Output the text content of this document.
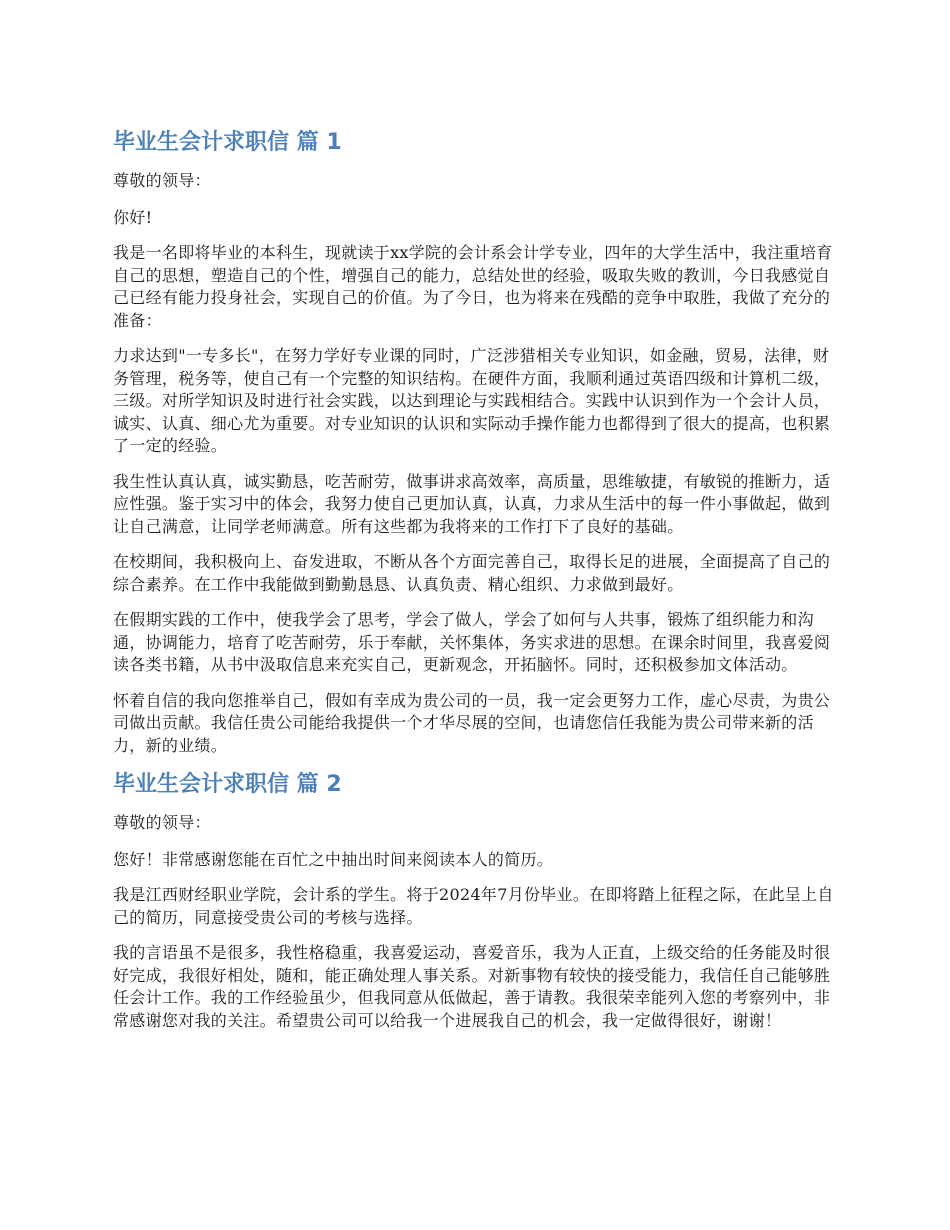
毕业生会计求职信 篇 1

尊敬的领导：

你好!

我是一名即将毕业的本科生，现就读于xx学院的会计系会计学专业，四年的大学生活中，我注重培育自己的思想，塑造自己的个性，增强自己的能力，总结处世的经验，吸取失败的教训，今日我感觉自己已经有能力投身社会，实现自己的价值。为了今日，也为将来在残酷的竞争中取胜，我做了充分的准备：

力求达到"一专多长"，在努力学好专业课的同时，广泛涉猎相关专业知识，如金融，贸易，法律，财务管理，税务等，使自己有一个完整的知识结构。在硬件方面，我顺利通过英语四级和计算机二级，三级。对所学知识及时进行社会实践，以达到理论与实践相结合。实践中认识到作为一个会计人员，诚实、认真、细心尤为重要。对专业知识的认识和实际动手操作能力也都得到了很大的提高，也积累了一定的经验。

我生性认真认真，诚实勤恳，吃苦耐劳，做事讲求高效率，高质量，思维敏捷，有敏锐的推断力，适应性强。鉴于实习中的体会，我努力使自己更加认真，认真，力求从生活中的每一件小事做起，做到让自己满意，让同学老师满意。所有这些都为我将来的工作打下了良好的基础。

在校期间，我积极向上、奋发进取，不断从各个方面完善自己，取得长足的进展，全面提高了自己的综合素养。在工作中我能做到勤勤恳恳、认真负责、精心组织、力求做到最好。

在假期实践的工作中，使我学会了思考，学会了做人，学会了如何与人共事，锻炼了组织能力和沟通，协调能力，培育了吃苦耐劳，乐于奉献，关怀集体，务实求进的思想。在课余时间里，我喜爱阅读各类书籍，从书中汲取信息来充实自己，更新观念，开拓脑怀。同时，还积极参加文体活动。

怀着自信的我向您推举自己，假如有幸成为贵公司的一员，我一定会更努力工作，虚心尽责，为贵公司做出贡献。我信任贵公司能给我提供一个才华尽展的空间，也请您信任我能为贵公司带来新的活力，新的业绩。

毕业生会计求职信 篇 2

尊敬的领导：

您好！非常感谢您能在百忙之中抽出时间来阅读本人的简历。

我是江西财经职业学院，会计系的学生。将于2024年7月份毕业。在即将踏上征程之际，在此呈上自己的简历，同意接受贵公司的考核与选择。

我的言语虽不是很多，我性格稳重，我喜爱运动，喜爱音乐，我为人正直，上级交给的任务能及时很好完成，我很好相处，随和，能正确处理人事关系。对新事物有较快的接受能力，我信任自己能够胜任会计工作。我的工作经验虽少，但我同意从低做起，善于请教。我很荣幸能列入您的考察列中，非常感谢您对我的关注。希望贵公司可以给我一个进展我自己的机会，我一定做得很好，谢谢！
